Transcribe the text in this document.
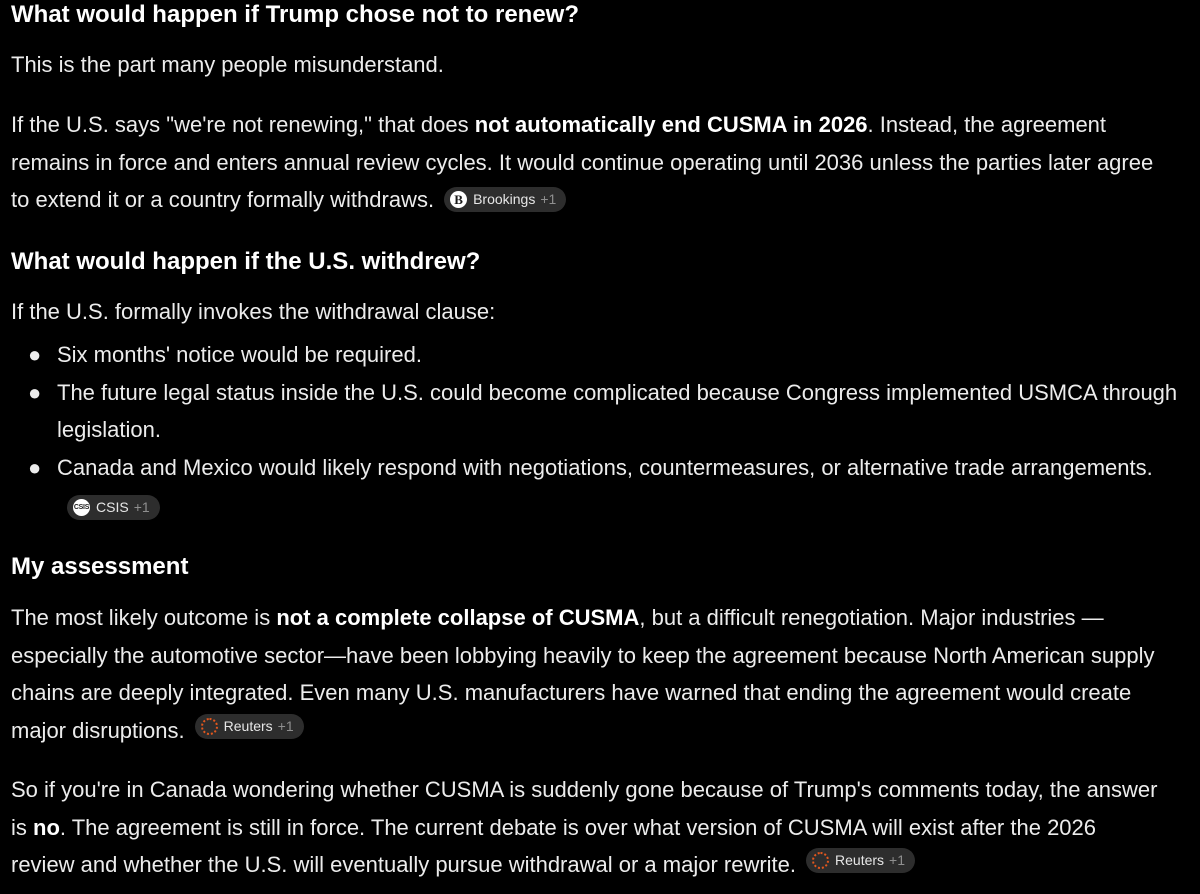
What would happen if Trump chose not to renew?

This is the part many people misunderstand.

If the U.S. says "we're not renewing," that does not automatically end CUSMA in 2026. Instead, the agreement remains in force and enters annual review cycles. It would continue operating until 2036 unless the parties later agree to extend it or a country formally withdraws.	B Brookings +1

What would happen if the U.S. withdrew?

If the U.S. formally invokes the withdrawal clause:

● Six months' notice would be required.
● The future legal status inside the U.S. could become complicated because Congress implemented USMCA through legislation.
● Canada and Mexico would likely respond with negotiations, countermeasures, or alternative trade arrangements.
CSIS CSIS +1
My assessment

The most likely outcome is not a complete collapse of CUSMA, but a difficult renegotiation. Major industries —especially the automotive sector—have been lobbying heavily to keep the agreement because North American supply chains are deeply integrated. Even many U.S. manufacturers have warned that ending the agreement would create major disruptions.	Reuters +1

So if you're in Canada wondering whether CUSMA is suddenly gone because of Trump's comments today, the answer is no. The agreement is still in force. The current debate is over what version of CUSMA will exist after the 2026 review and whether the U.S. will eventually pursue withdrawal or a major rewrite.	Reuters +1
